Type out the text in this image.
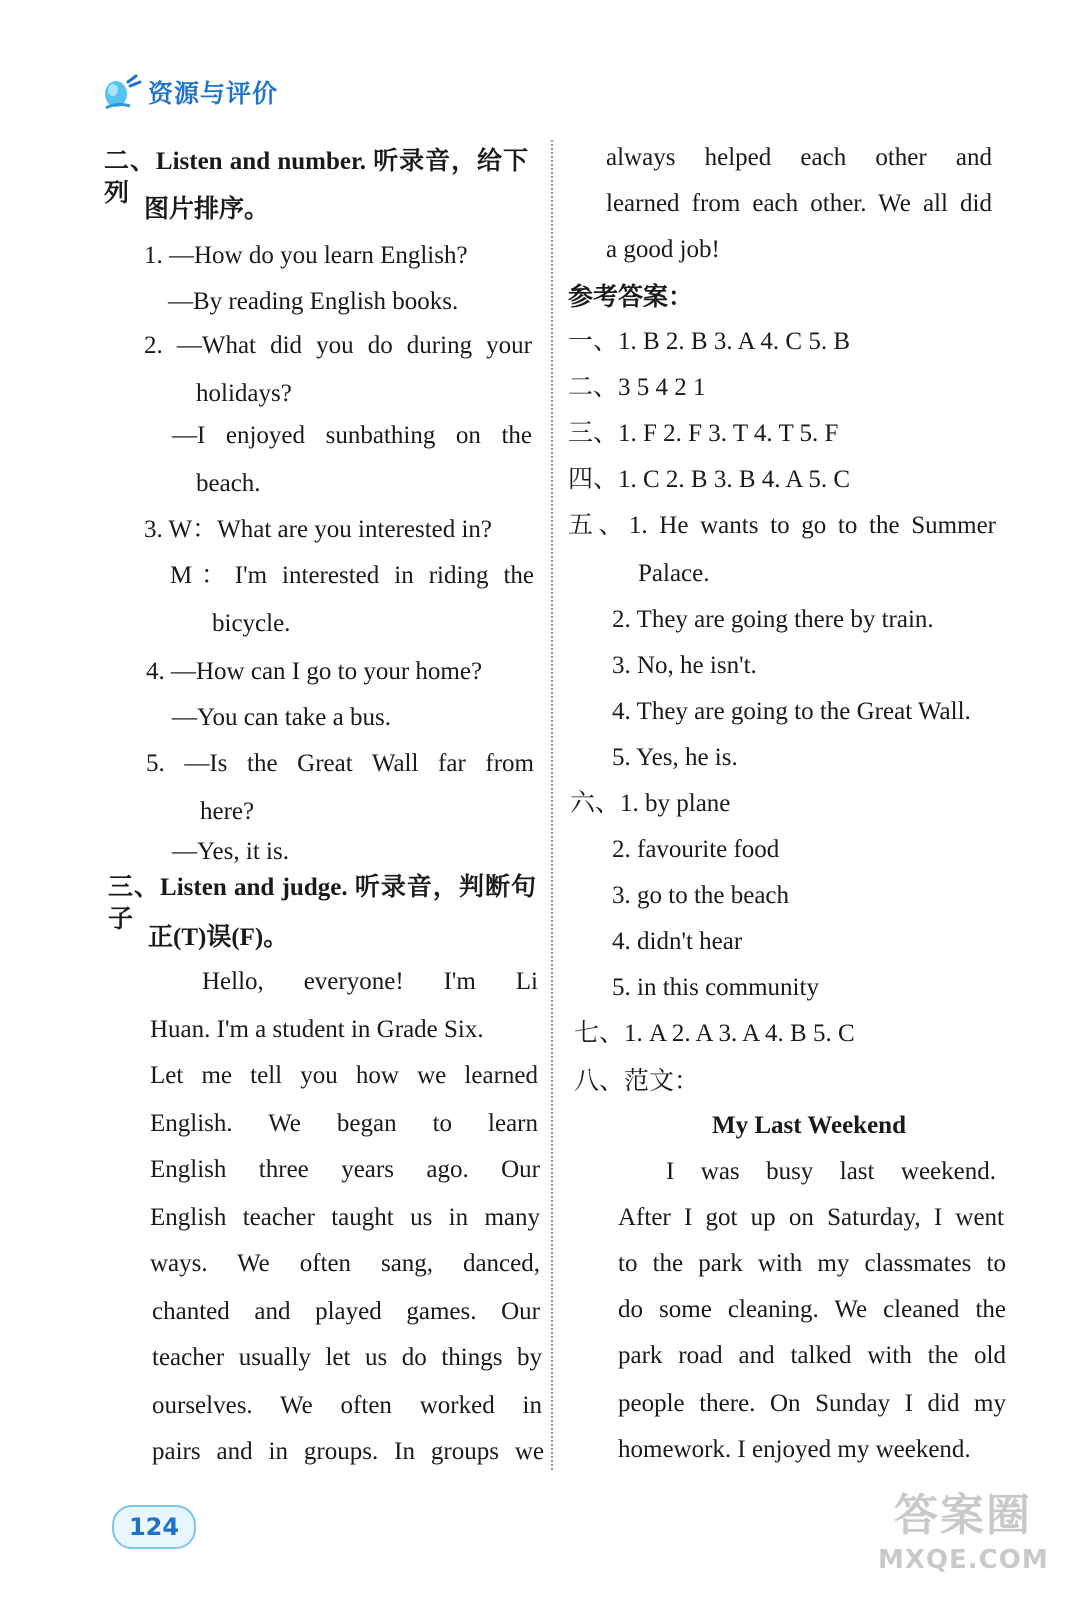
资源与评价
二、Listen and number. 听录音，给下列
图片排序。
1. —How do you learn English?
—By reading English books.
2. —What did you do during your
holidays?
—I enjoyed sunbathing on the
beach.
3. W：What are you interested in?
M：I'm interested in riding the
bicycle.
4. —How can I go to your home?
—You can take a bus.
5. —Is the Great Wall far from
here?
—Yes, it is.
三、Listen and judge. 听录音，判断句子
正(T)误(F)。
Hello, everyone! I'm Li
Huan. I'm a student in Grade Six.
Let me tell you how we learned
English. We began to learn
English three years ago. Our
English teacher taught us in many
ways. We often sang, danced,
chanted and played games. Our
teacher usually let us do things by
ourselves. We often worked in
pairs and in groups. In groups we
always helped each other and
learned from each other. We all did
a good job!
参考答案：
一、1. B 2. B 3. A 4. C 5. B
二、3 5 4 2 1
三、1. F 2. F 3. T 4. T 5. F
四、1. C 2. B 3. B 4. A 5. C
五、1. He wants to go to the Summer
Palace.
2. They are going there by train.
3. No, he isn't.
4. They are going to the Great Wall.
5. Yes, he is.
六、1. by plane
2. favourite food
3. go to the beach
4. didn't hear
5. in this community
七、1. A 2. A 3. A 4. B 5. C
八、范文：
My Last Weekend
I was busy last weekend.
After I got up on Saturday, I went
to the park with my classmates to
do some cleaning. We cleaned the
park road and talked with the old
people there. On Sunday I did my
homework. I enjoyed my weekend.
124	答案圈
MXQE.COM
